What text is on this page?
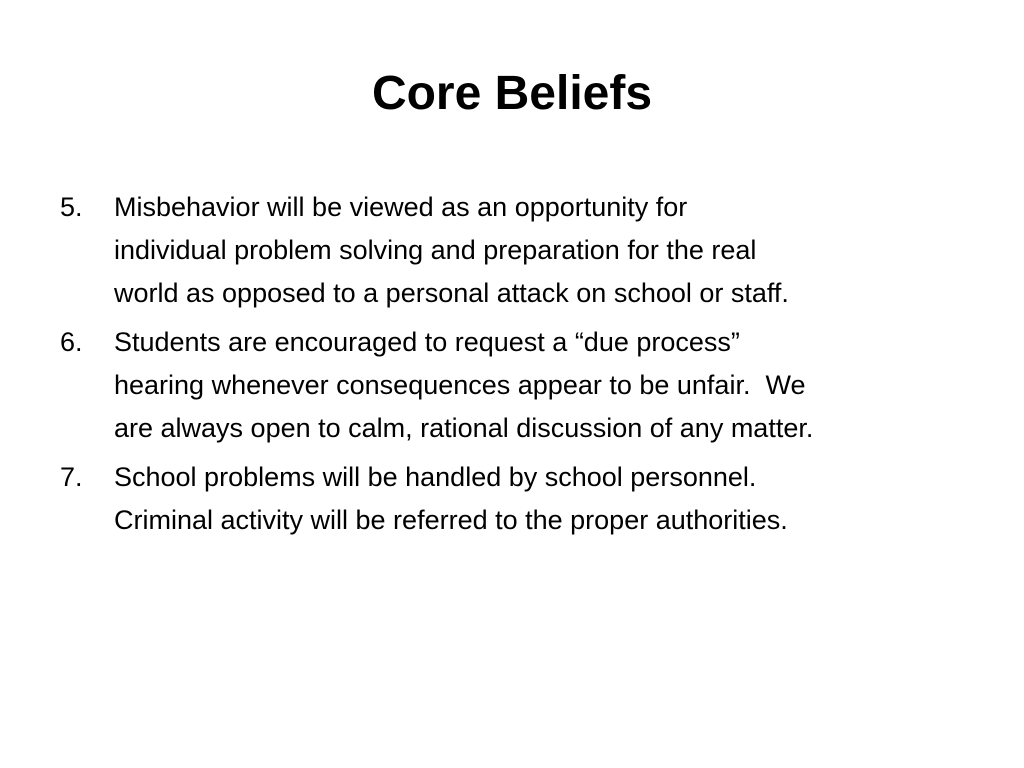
Core Beliefs
5.	Misbehavior will be viewed as an opportunity for
individual problem solving and preparation for the real
world as opposed to a personal attack on school or staff.
6.	Students are encouraged to request a “due process”
hearing whenever consequences appear to be unfair.  We
are always open to calm, rational discussion of any matter.
7.	School problems will be handled by school personnel.
Criminal activity will be referred to the proper authorities.
